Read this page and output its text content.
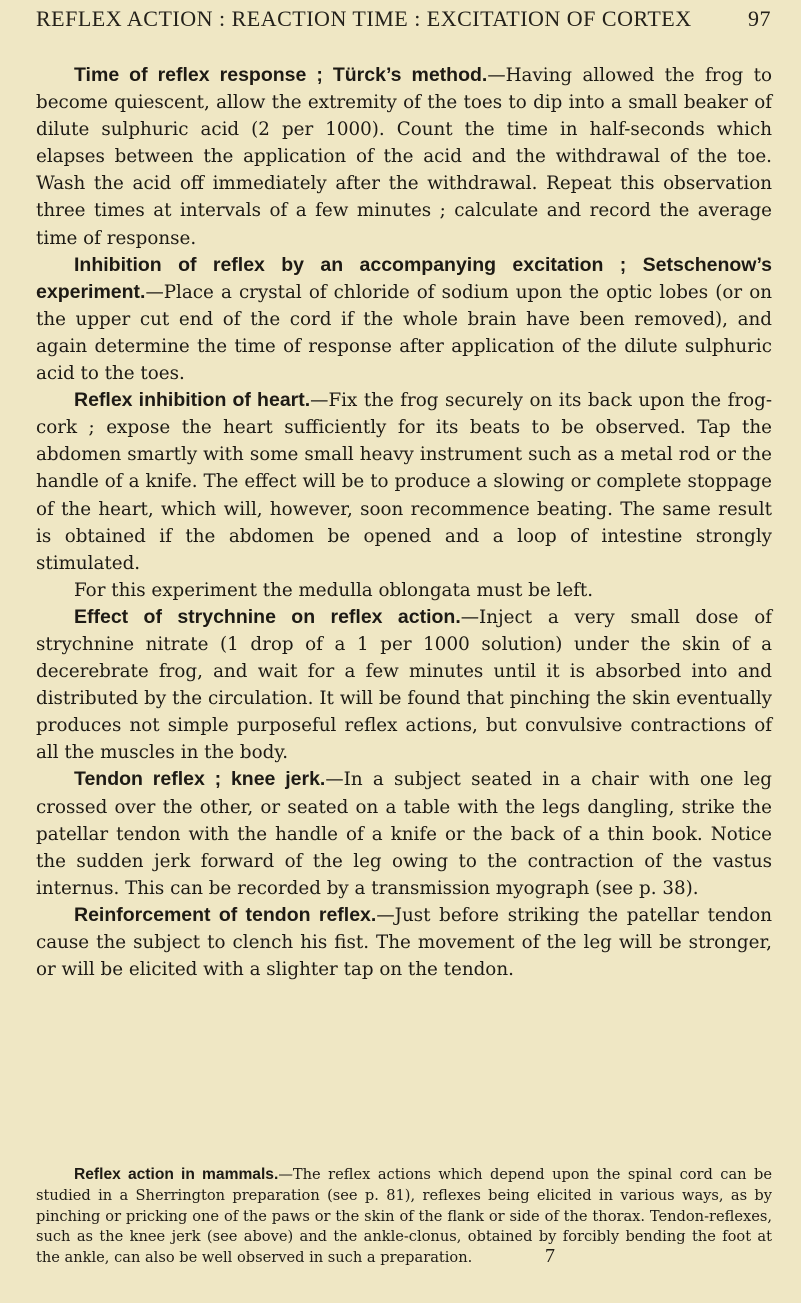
REFLEX ACTION : REACTION TIME : EXCITATION OF CORTEX	97

Time of reflex response ; Türck’s method.—Having allowed the frog to become quiescent, allow the extremity of the toes to dip into a small beaker of dilute sulphuric acid (2 per 1000). Count the time in half-seconds which elapses between the application of the acid and the withdrawal of the toe. Wash the acid off immediately after the withdrawal. Repeat this observation three times at intervals of a few minutes ; calculate and record the average time of response.

Inhibition of reflex by an accompanying excitation ; Setschenow’s experiment.—Place a crystal of chloride of sodium upon the optic lobes (or on the upper cut end of the cord if the whole brain have been removed), and again determine the time of response after application of the dilute sulphuric acid to the toes.

Reflex inhibition of heart.—Fix the frog securely on its back upon the frog-cork ; expose the heart sufficiently for its beats to be observed. Tap the abdomen smartly with some small heavy instrument such as a metal rod or the handle of a knife. The effect will be to produce a slowing or complete stoppage of the heart, which will, however, soon recommence beating. The same result is obtained if the abdomen be opened and a loop of intestine strongly stimulated.

For this experiment the medulla oblongata must be left.

Effect of strychnine on reflex action.—Inject a very small dose of strychnine nitrate (1 drop of a 1 per 1000 solution) under the skin of a decerebrate frog, and wait for a few minutes until it is absorbed into and distributed by the circulation. It will be found that pinching the skin eventually produces not simple purposeful reflex actions, but convulsive contractions of all the muscles in the body.

Tendon reflex ; knee jerk.—In a subject seated in a chair with one leg crossed over the other, or seated on a table with the legs dangling, strike the patellar tendon with the handle of a knife or the back of a thin book. Notice the sudden jerk forward of the leg owing to the contraction of the vastus internus. This can be recorded by a transmission myograph (see p. 38).

Reinforcement of tendon reflex.—Just before striking the patellar tendon cause the subject to clench his fist. The movement of the leg will be stronger, or will be elicited with a slighter tap on the tendon.

Reflex action in mammals.—The reflex actions which depend upon the spinal cord can be studied in a Sherrington preparation (see p. 81), reflexes being elicited in various ways, as by pinching or pricking one of the paws or the skin of the flank or side of the thorax. Tendon-reflexes, such as the knee jerk (see above) and the ankle-clonus, obtained by forcibly bending the foot at the ankle, can also be well observed in such a preparation.	7
